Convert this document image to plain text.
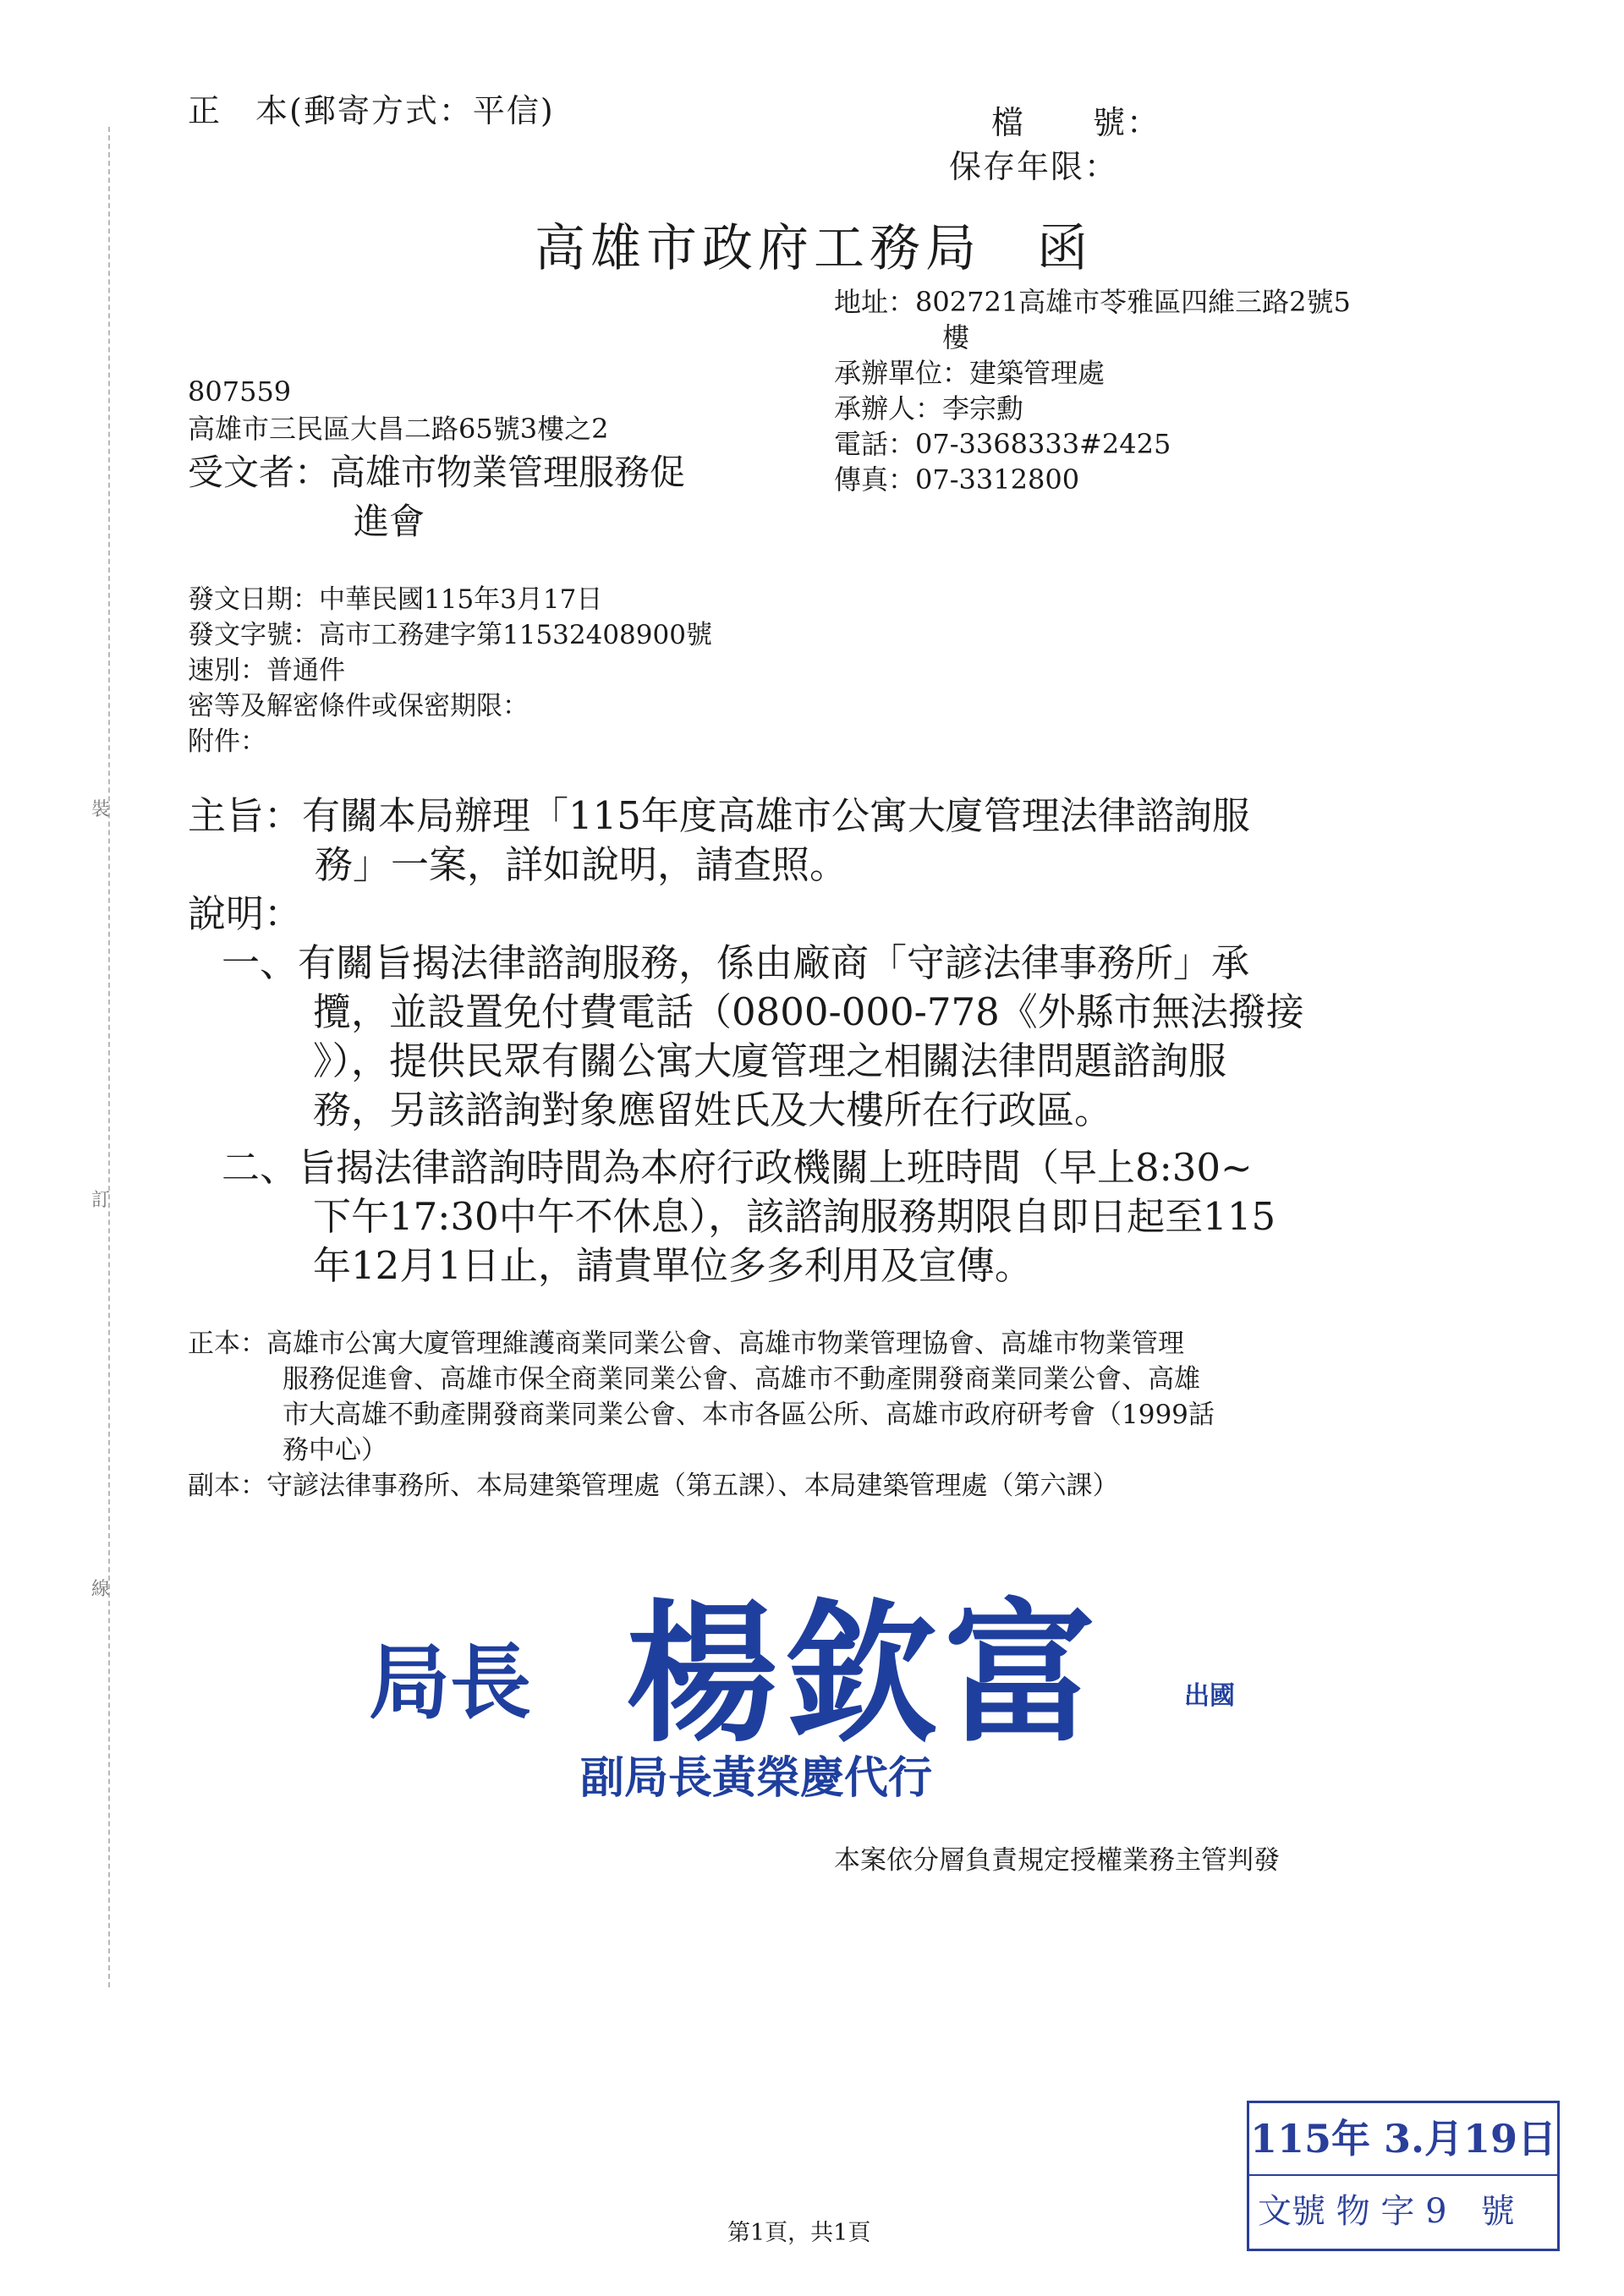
裝
訂
線
正　本(郵寄方式：平信)	檔　　號：
保存年限：
高雄市政府工務局　函
地址：802721高雄市苓雅區四維三路2號5
樓
承辦單位：建築管理處
承辦人：李宗勳
電話：07-3368333#2425
傳真：07-3312800
807559
高雄市三民區大昌二路65號3樓之2
受文者：高雄市物業管理服務促
進會
發文日期：中華民國115年3月17日
發文字號：高市工務建字第11532408900號
速別：普通件
密等及解密條件或保密期限：
附件：
主旨：有關本局辦理「115年度高雄市公寓大廈管理法律諮詢服
務」一案，詳如說明，請查照。
說明：
一、有關旨揭法律諮詢服務，係由廠商「守諺法律事務所」承
攬，並設置免付費電話（0800-000-778《外縣市無法撥接
》），提供民眾有關公寓大廈管理之相關法律問題諮詢服
務，另該諮詢對象應留姓氏及大樓所在行政區。
二、旨揭法律諮詢時間為本府行政機關上班時間（早上8:30~
下午17:30中午不休息），該諮詢服務期限自即日起至115
年12月1日止，請貴單位多多利用及宣傳。
正本：高雄市公寓大廈管理維護商業同業公會、高雄市物業管理協會、高雄市物業管理
服務促進會、高雄市保全商業同業公會、高雄市不動產開發商業同業公會、高雄
市大高雄不動產開發商業同業公會、本市各區公所、高雄市政府研考會（1999話
務中心）
副本：守諺法律事務所、本局建築管理處（第五課）、本局建築管理處（第六課）
局長 楊欽富	出國
副局長黃榮慶代行
本案依分層負責規定授權業務主管判發
第1頁，共1頁
115年 3.月19日
文號 物 字 9　號
